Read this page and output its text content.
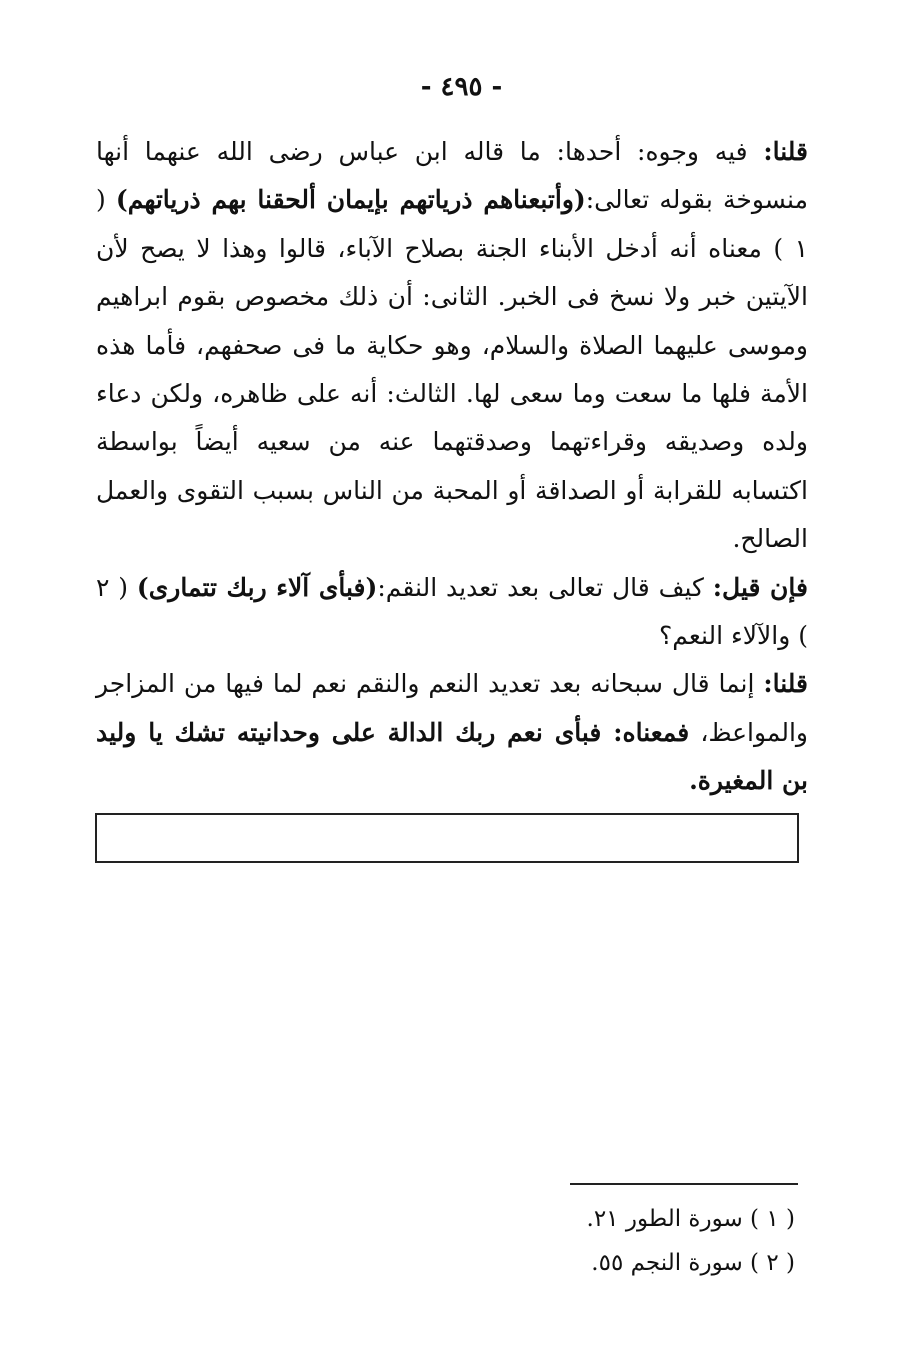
- ٤٩٥ -

قلنا: فيه وجوه: أحدها: ما قاله ابن عباس رضى الله عنهما أنها منسوخة بقوله تعالى:(وأتبعناهم ذرياتهم بإيمان ألحقنا بهم ذرياتهم) ( ١ ) معناه أنه أدخل الأبناء الجنة بصلاح الآباء، قالوا وهذا لا يصح لأن الآيتين خبر ولا نسخ فى الخبر. الثانى: أن ذلك مخصوص بقوم ابراهيم وموسى عليهما الصلاة والسلام، وهو حكاية ما فى صحفهم، فأما هذه الأمة فلها ما سعت وما سعى لها. الثالث: أنه على ظاهره، ولكن دعاء ولده وصديقه وقراءتهما وصدقتهما عنه من سعيه أيضاً بواسطة اكتسابه للقرابة أو الصداقة أو المحبة من الناس بسبب التقوى والعمل الصالح.

فإن قيل: كيف قال تعالى بعد تعديد النقم:(فبأى آلاء ربك تتمارى) ( ٢ ) والآلاء النعم؟

قلنا: إنما قال سبحانه بعد تعديد النعم والنقم نعم لما فيها من المزاجر والمواعظ، فمعناه: فبأى نعم ربك الدالة على وحدانيته تشك يا وليد بن المغيرة.

( ١ ) سورة الطور ٢١.
( ٢ ) سورة النجم ٥٥.
